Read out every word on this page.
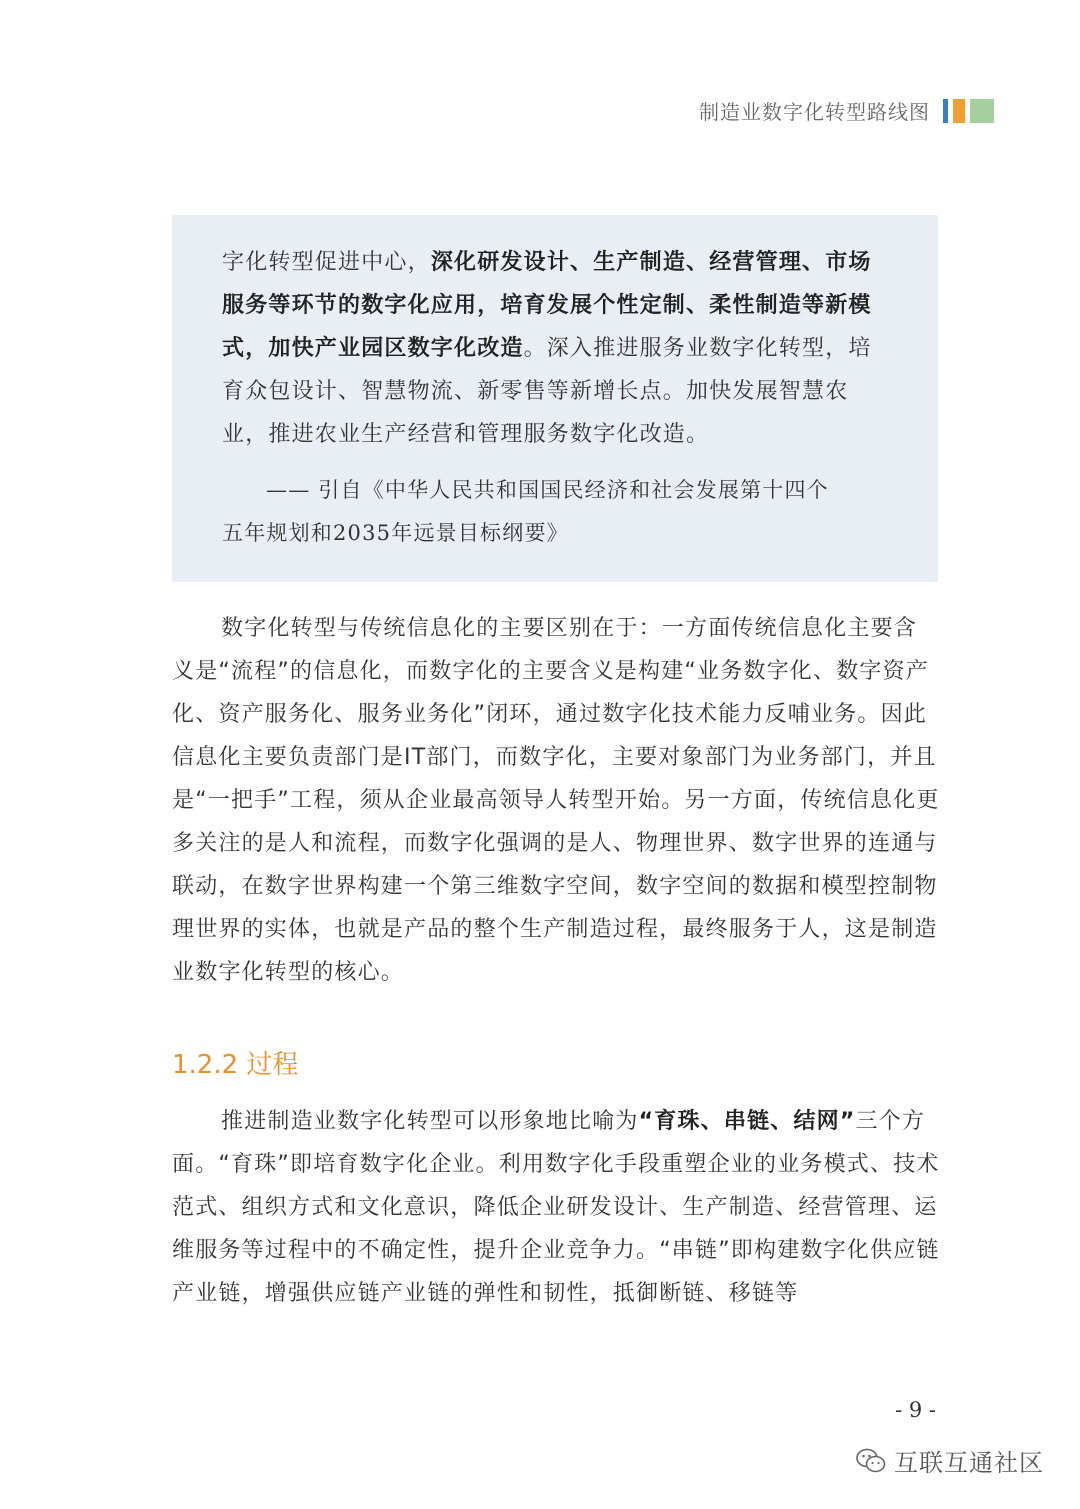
制造业数字化转型路线图
字化转型促进中心，深化研发设计、生产制造、经营管理、市场服务等环节的数字化应用，培育发展个性定制、柔性制造等新模式，加快产业园区数字化改造。深入推进服务业数字化转型，培育众包设计、智慧物流、新零售等新增长点。加快发展智慧农业，推进农业生产经营和管理服务数字化改造。
—— 引自《中华人民共和国国民经济和社会发展第十四个
五年规划和2035年远景目标纲要》

数字化转型与传统信息化的主要区别在于：一方面传统信息化主要含义是“流程”的信息化，而数字化的主要含义是构建“业务数字化、数字资产化、资产服务化、服务业务化”闭环，通过数字化技术能力反哺业务。因此信息化主要负责部门是IT部门，而数字化，主要对象部门为业务部门，并且是“一把手”工程，须从企业最高领导人转型开始。另一方面，传统信息化更多关注的是人和流程，而数字化强调的是人、物理世界、数字世界的连通与联动，在数字世界构建一个第三维数字空间，数字空间的数据和模型控制物理世界的实体，也就是产品的整个生产制造过程，最终服务于人，这是制造业数字化转型的核心。

1.2.2 过程

推进制造业数字化转型可以形象地比喻为“育珠、串链、结网”三个方面。“育珠”即培育数字化企业。利用数字化手段重塑企业的业务模式、技术范式、组织方式和文化意识，降低企业研发设计、生产制造、经营管理、运维服务等过程中的不确定性，提升企业竞争力。“串链”即构建数字化供应链产业链，增强供应链产业链的弹性和韧性，抵御断链、移链等

- 9 -
互联互通社区
